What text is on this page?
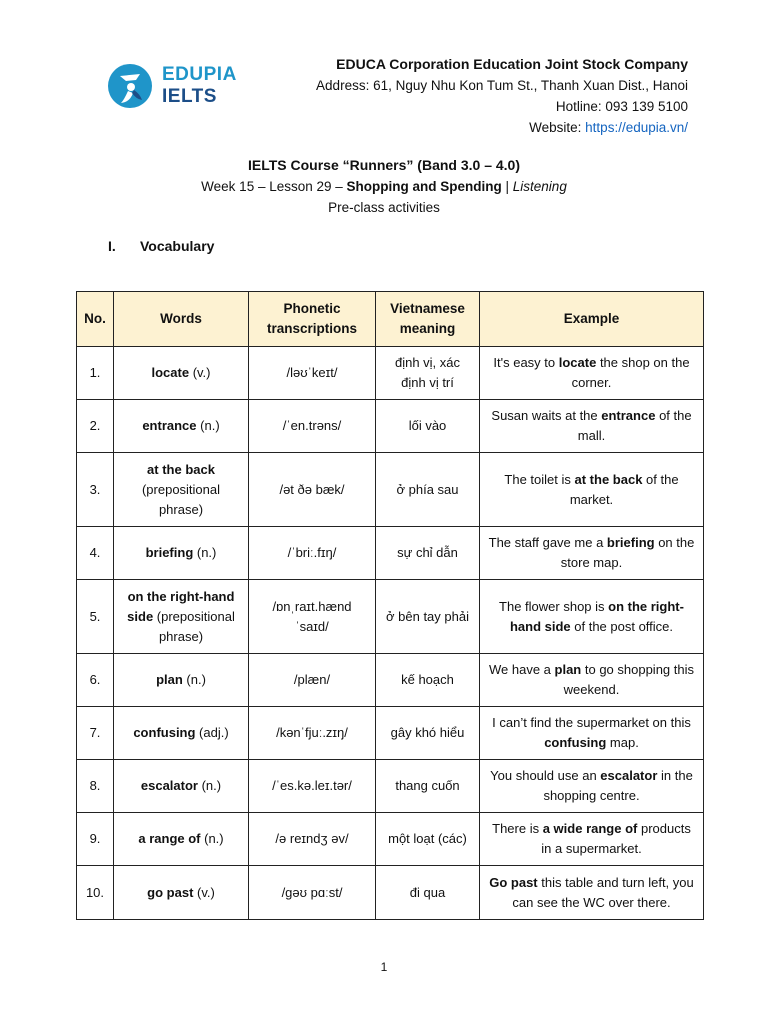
EDUPIA
IELTS
EDUCA Corporation Education Joint Stock Company
Address: 61, Nguy Nhu Kon Tum St., Thanh Xuan Dist., Hanoi
Hotline: 093 139 5100
Website: https://edupia.vn/
IELTS Course “Runners” (Band 3.0 – 4.0)
Week 15 – Lesson 29 – Shopping and Spending | Listening
Pre-class activities
I. Vocabulary
No.	Words	Phonetic transcriptions	Vietnamese meaning	Example
1.	locate (v.)	/ləʊˈkeɪt/	định vị, xác định vị trí	It's easy to locate the shop on the corner.
2.	entrance (n.)	/ˈen.trəns/	lối vào	Susan waits at the entrance of the mall.
3.	at the back (prepositional phrase)	/ət ðə bæk/	ở phía sau	The toilet is at the back of the market.
4.	briefing (n.)	/ˈbriː.fɪŋ/	sự chỉ dẫn	The staff gave me a briefing on the store map.
5.	on the right-hand side (prepositional phrase)	/ɒnˌraɪt.hænd ˈsaɪd/	ở bên tay phải	The flower shop is on the right-hand side of the post office.
6.	plan (n.)	/plæn/	kế hoạch	We have a plan to go shopping this weekend.
7.	confusing (adj.)	/kənˈfjuː.zɪŋ/	gây khó hiểu	I can’t find the supermarket on this confusing map.
8.	escalator (n.)	/ˈes.kə.leɪ.tər/	thang cuốn	You should use an escalator in the shopping centre.
9.	a range of (n.)	/ə reɪndʒ əv/	một loạt (các)	There is a wide range of products in a supermarket.
10.	go past (v.)	/ɡəʊ pɑːst/	đi qua	Go past this table and turn left, you can see the WC over there.
1
